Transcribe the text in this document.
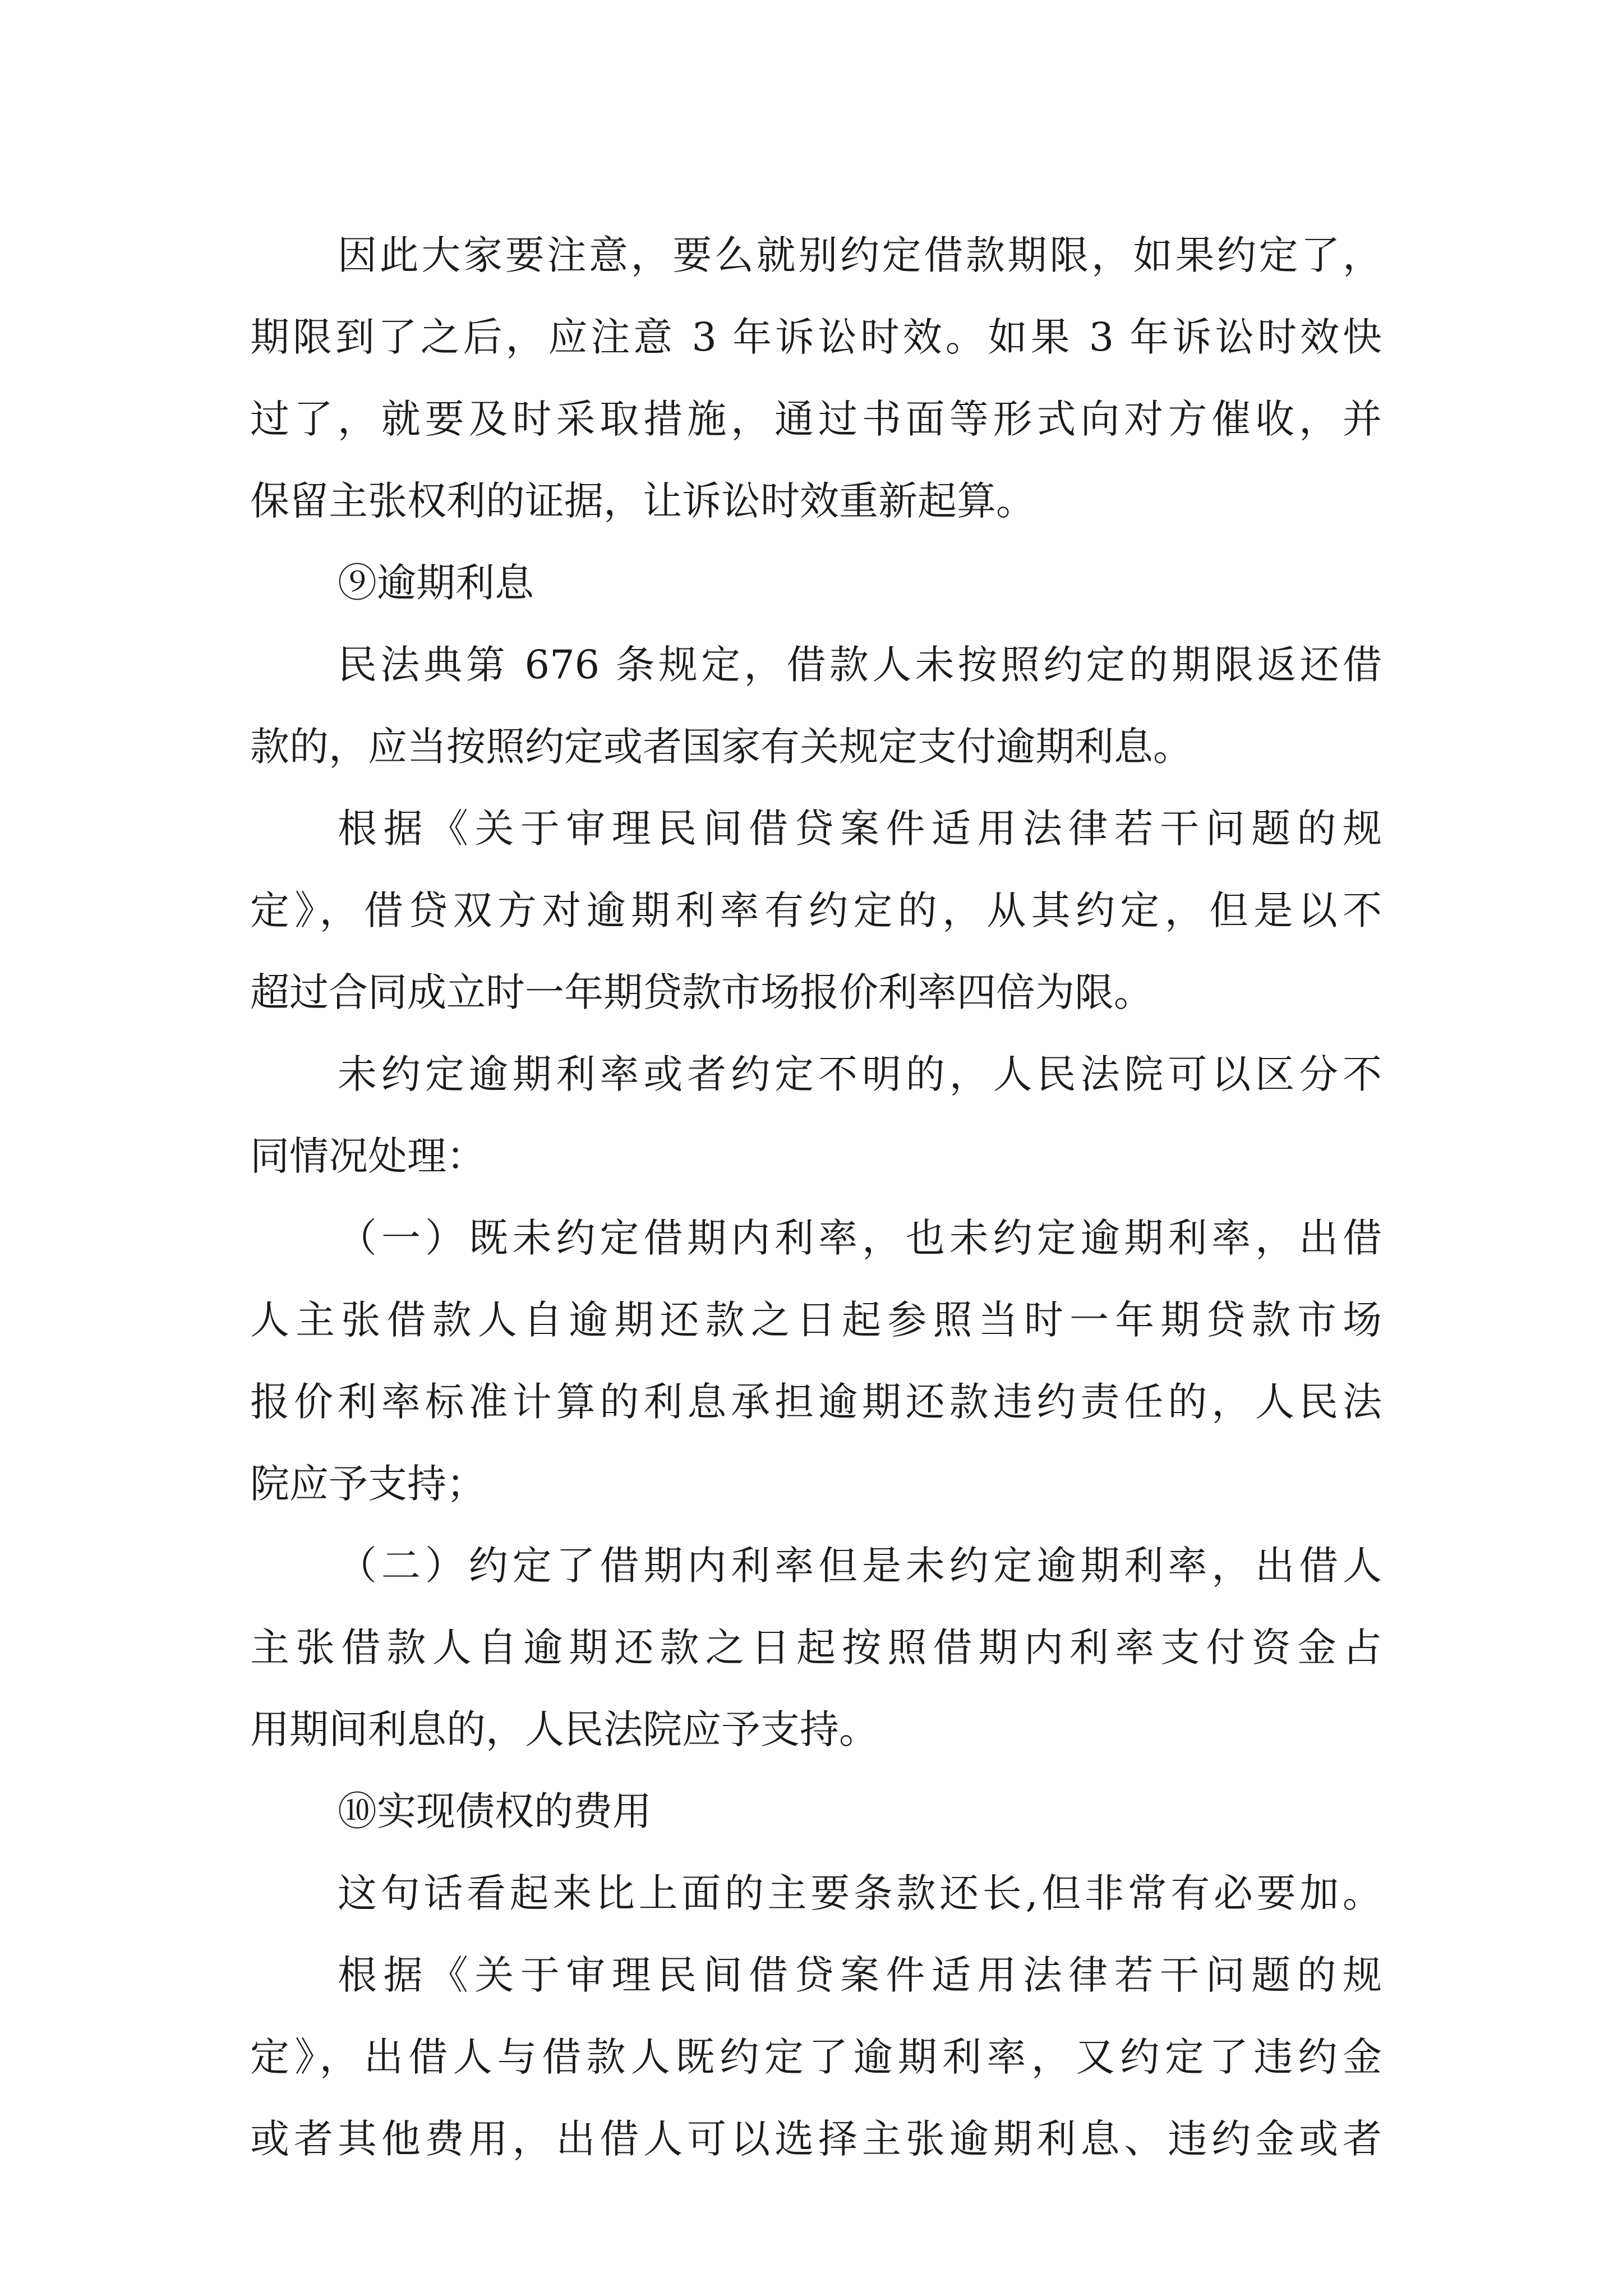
因此大家要注意，要么就别约定借款期限，如果约定了，
期限到了之后，应注意 3 年诉讼时效。如果 3 年诉讼时效快
过了，就要及时采取措施，通过书面等形式向对方催收，并
保留主张权利的证据，让诉讼时效重新起算。
⑨逾期利息
民法典第 676 条规定，借款人未按照约定的期限返还借
款的，应当按照约定或者国家有关规定支付逾期利息。
根据《关于审理民间借贷案件适用法律若干问题的规
定》，借贷双方对逾期利率有约定的，从其约定，但是以不
超过合同成立时一年期贷款市场报价利率四倍为限。
未约定逾期利率或者约定不明的，人民法院可以区分不
同情况处理：
（一）既未约定借期内利率，也未约定逾期利率，出借
人主张借款人自逾期还款之日起参照当时一年期贷款市场
报价利率标准计算的利息承担逾期还款违约责任的，人民法
院应予支持；
（二）约定了借期内利率但是未约定逾期利率，出借人
主张借款人自逾期还款之日起按照借期内利率支付资金占
用期间利息的，人民法院应予支持。
⑩实现债权的费用
这句话看起来比上面的主要条款还长,但非常有必要加。
根据《关于审理民间借贷案件适用法律若干问题的规
定》，出借人与借款人既约定了逾期利率，又约定了违约金
或者其他费用，出借人可以选择主张逾期利息、违约金或者
